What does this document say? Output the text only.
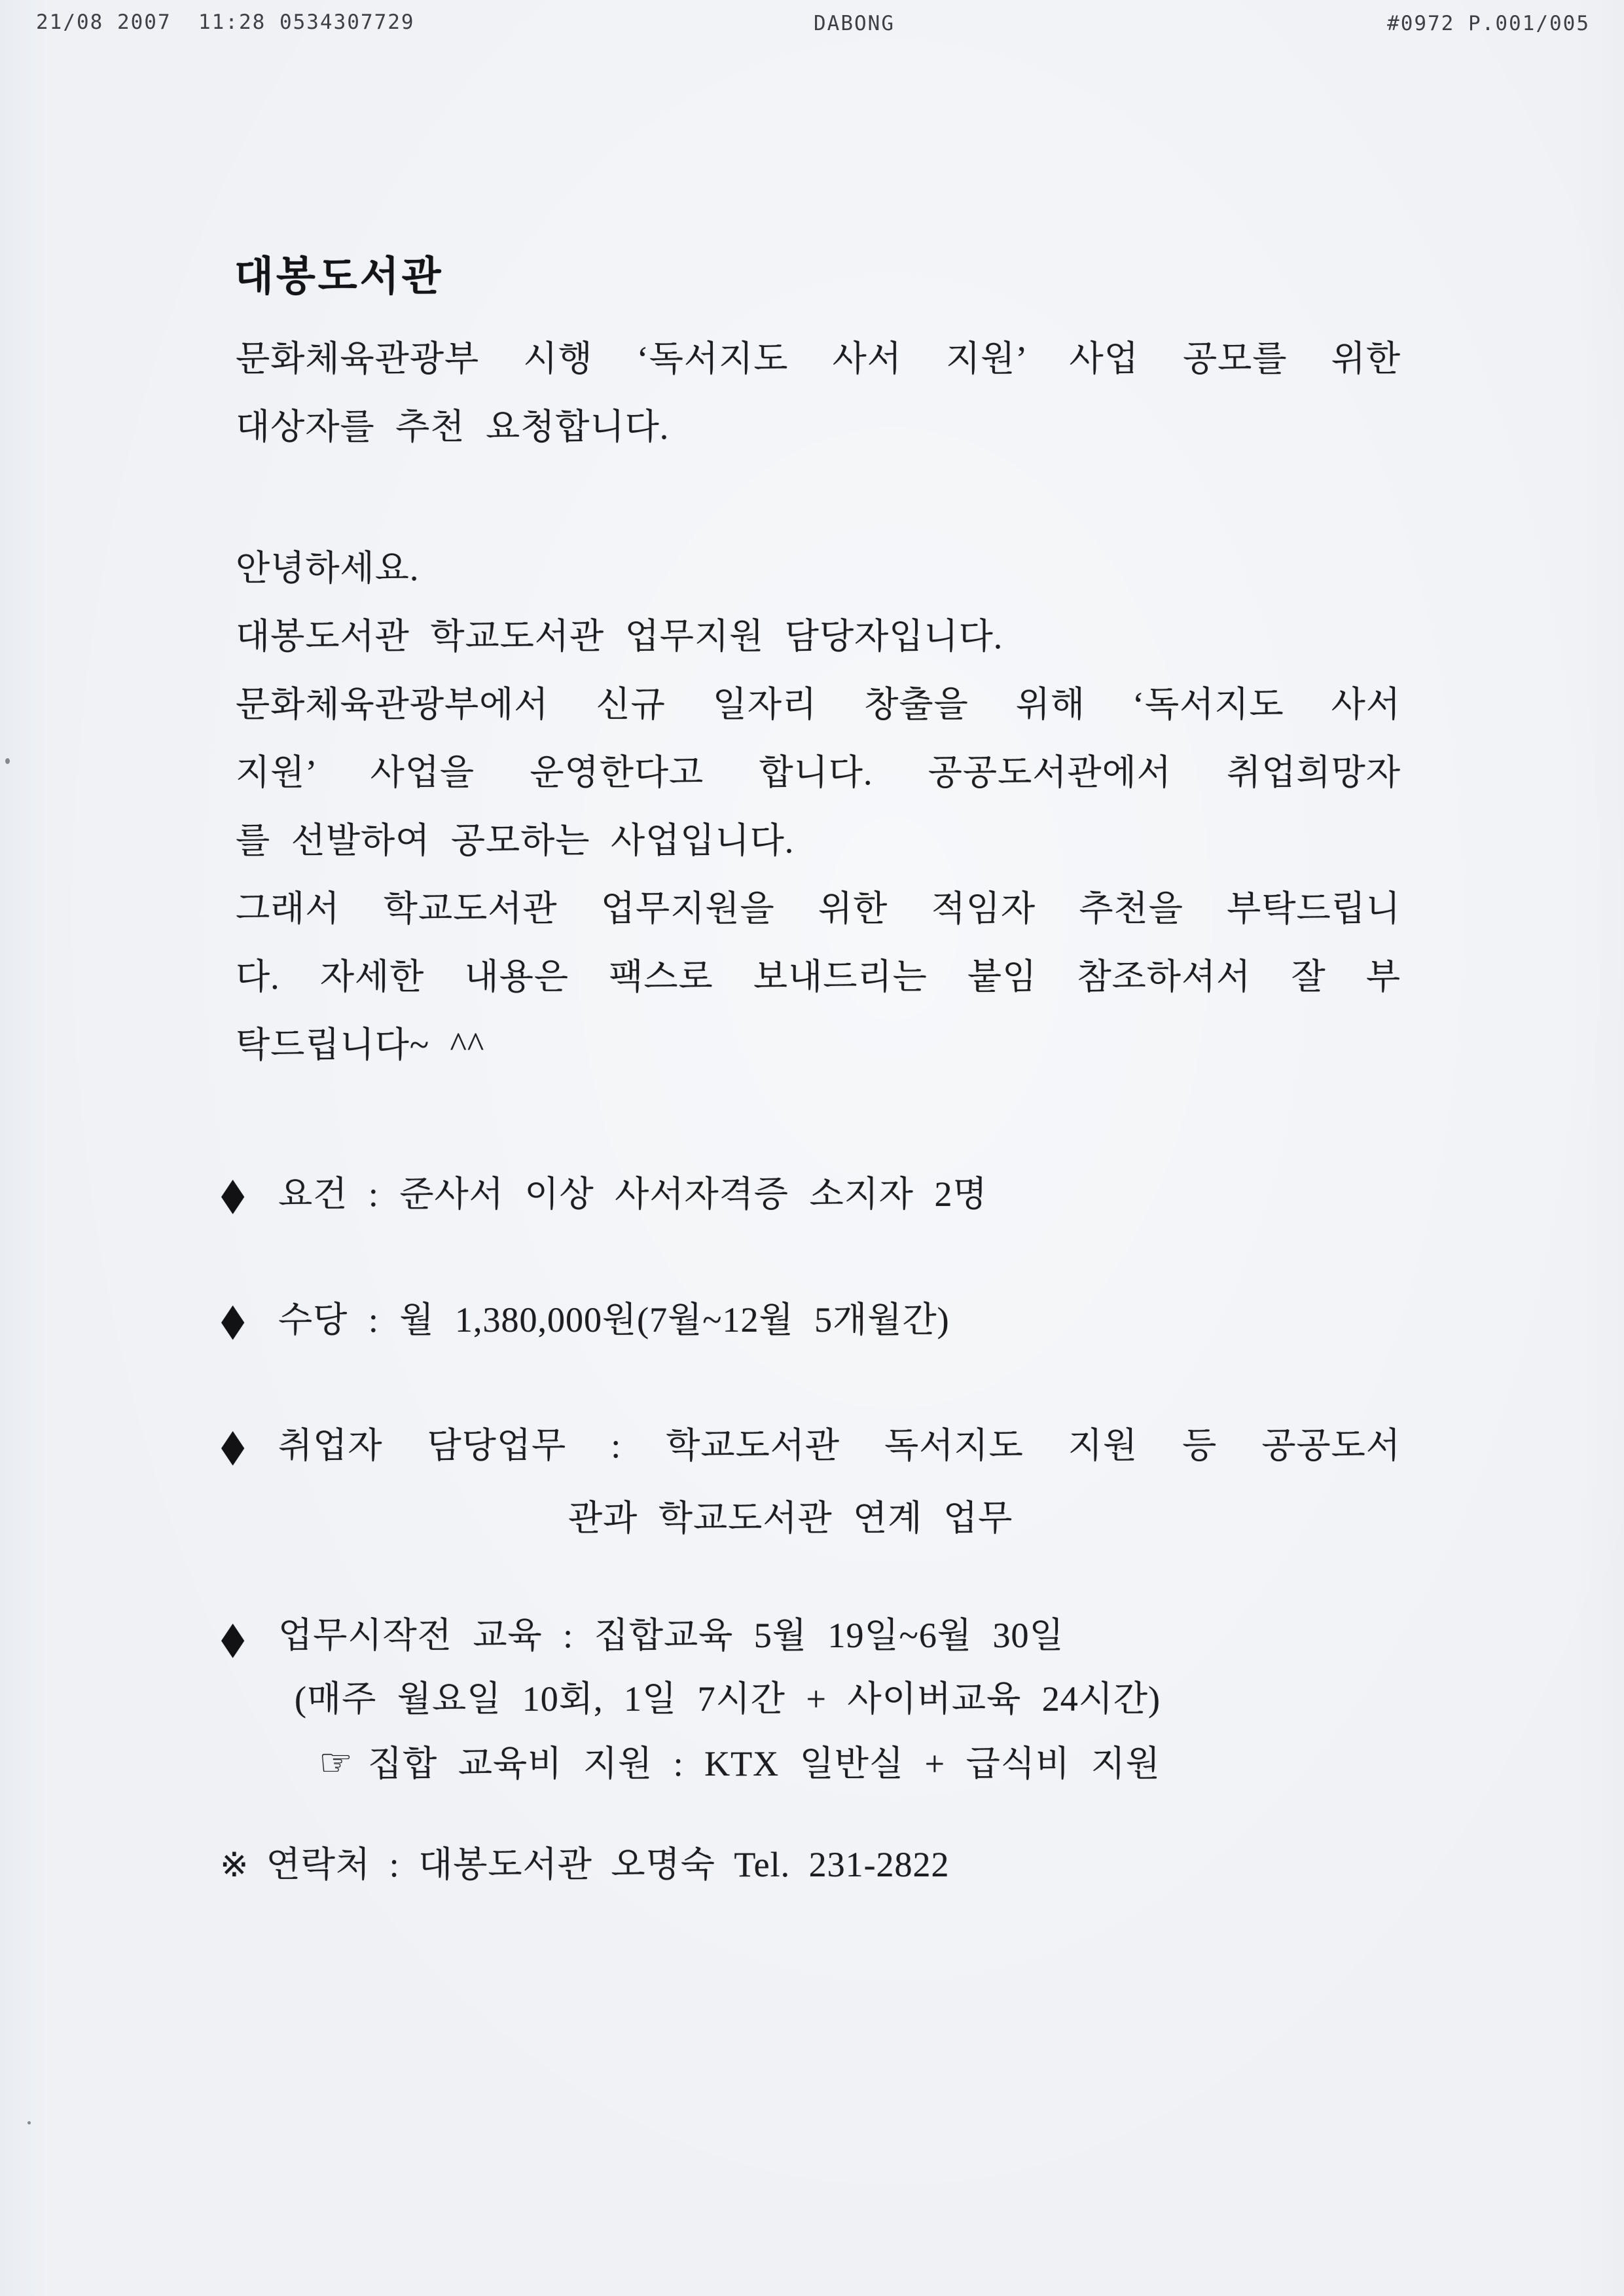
21/08 2007  11:28 0534307729

	DABONG

	#0972 P.001/005

대봉도서관
문화체육관광부 시행 ‘독서지도 사서 지원’ 사업 공모를 위한
대상자를 추천 요청합니다.
안녕하세요.
대봉도서관 학교도서관 업무지원 담당자입니다.
문화체육관광부에서 신규 일자리 창출을 위해 ‘독서지도 사서
지원’ 사업을 운영한다고 합니다. 공공도서관에서 취업희망자
를 선발하여 공모하는 사업입니다.
그래서 학교도서관 업무지원을 위한 적임자 추천을 부탁드립니
다. 자세한 내용은 팩스로 보내드리는 붙임 참조하셔서 잘 부
탁드립니다~ ^^
◆ 요건 : 준사서 이상 사서자격증 소지자 2명
◆ 수당 : 월 1,380,000원(7월~12월 5개월간)
◆ 취업자 담당업무 : 학교도서관 독서지도 지원 등 공공도서
관과 학교도서관 연계 업무
◆ 업무시작전 교육 : 집합교육 5월 19일~6월 30일
(매주 월요일 10회, 1일 7시간 + 사이버교육 24시간)
☞ 집합 교육비 지원 : KTX 일반실 + 급식비 지원
※ 연락처 : 대봉도서관 오명숙 Tel. 231-2822
